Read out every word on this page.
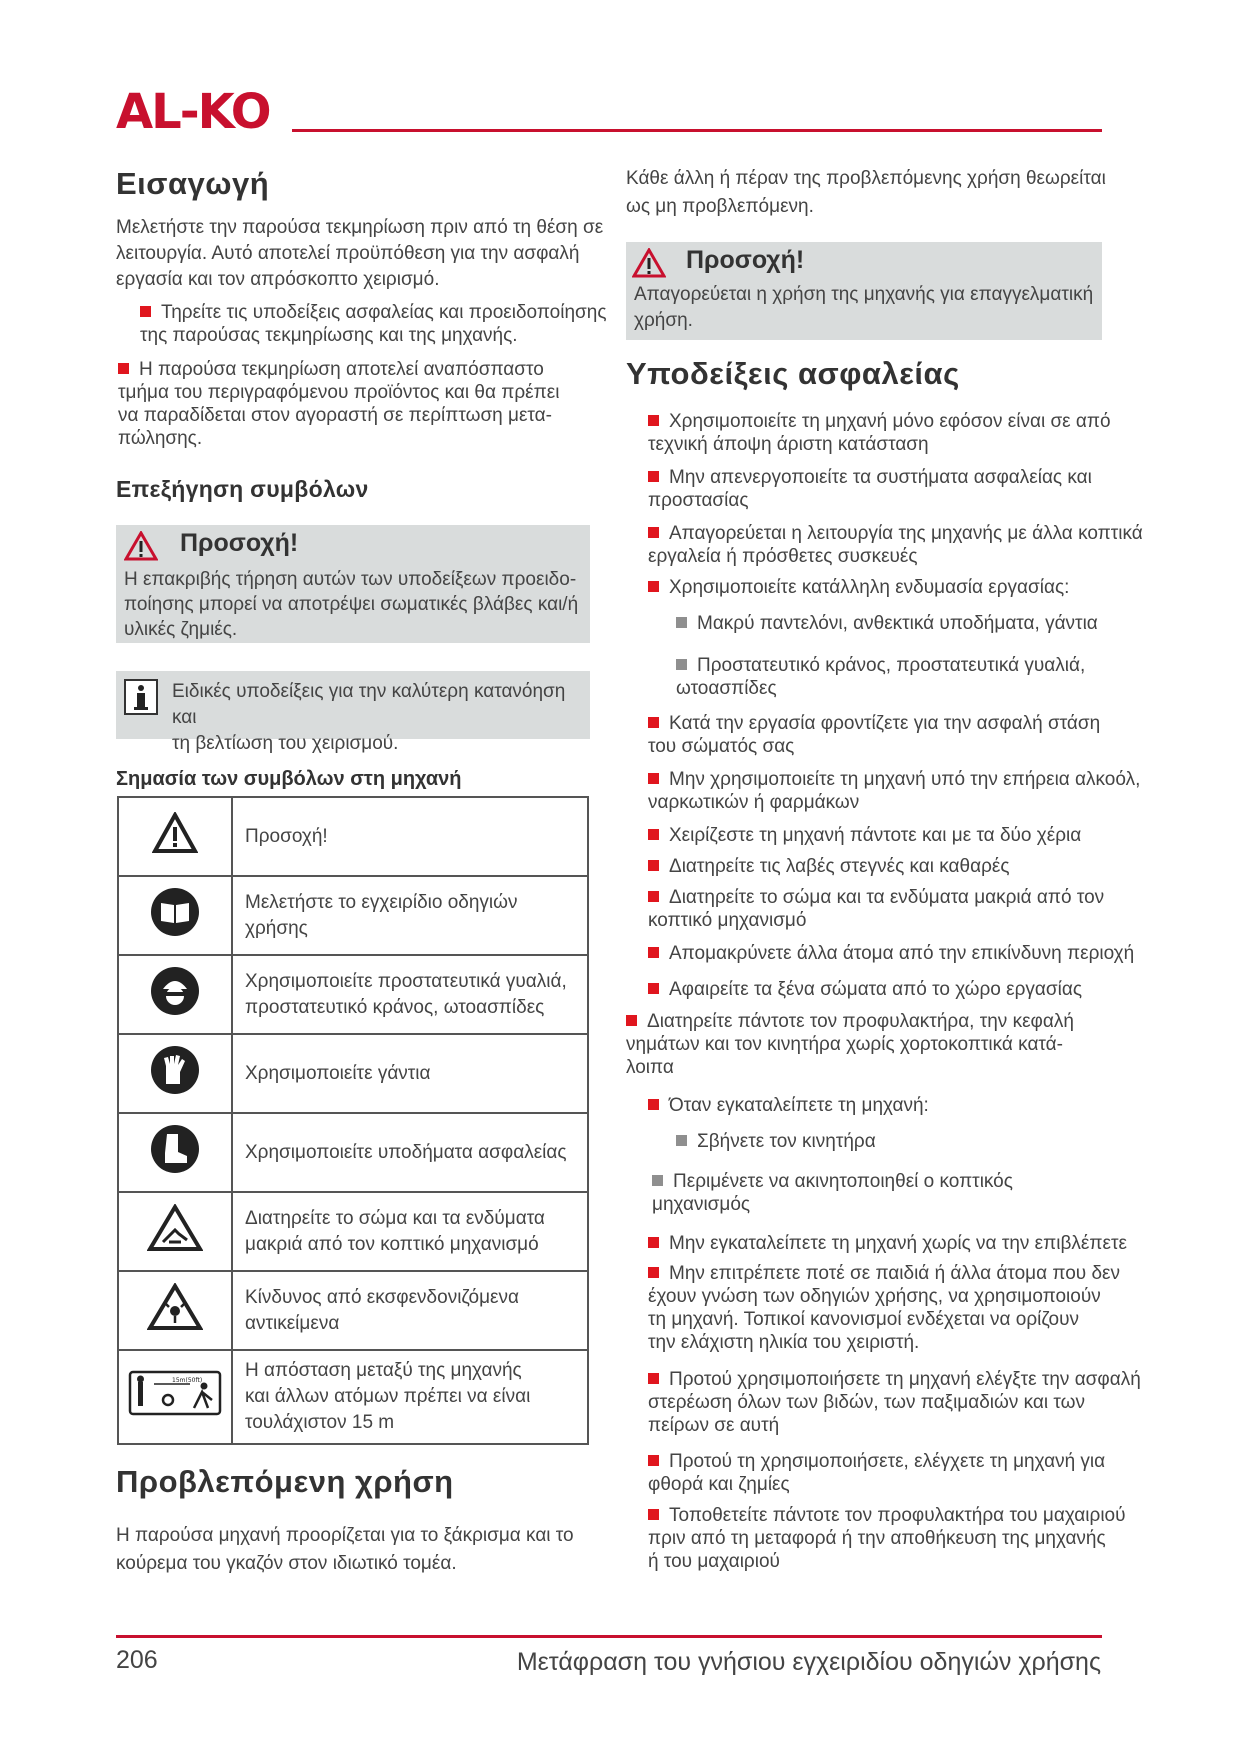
AL-KO
Εισαγωγή
Μελετήστε την παρούσα τεκμηρίωση πριν από τη θέση σε
λειτουργία. Αυτό αποτελεί προϋπόθεση για την ασφαλή
εργασία και τον απρόσκοπτο χειρισμό.
Τηρείτε τις υποδείξεις ασφαλείας και προειδοποίησης
της παρούσας τεκμηρίωσης και της μηχανής.
Η παρούσα τεκμηρίωση αποτελεί αναπόσπαστο
τμήμα του περιγραφόμενου προϊόντος και θα πρέπει
να παραδίδεται στον αγοραστή σε περίπτωση μετα-
πώλησης.
Επεξήγηση συμβόλων
Προσοχή!
Η επακριβής τήρηση αυτών των υποδείξεων προειδο-
ποίησης μπορεί να αποτρέψει σωματικές βλάβες και/ή
υλικές ζημιές.
Ειδικές υποδείξεις για την καλύτερη κατανόηση και
τη βελτίωση του χειρισμού.
Σημασία των συμβόλων στη μηχανή

Προσοχή!

Μελετήστε το εγχειρίδιο οδηγιών
χρήσης

Χρησιμοποιείτε προστατευτικά γυαλιά,
προστατευτικό κράνος, ωτοασπίδες

Χρησιμοποιείτε γάντια

Χρησιμοποιείτε υποδήματα ασφαλείας

Διατηρείτε το σώμα και τα ενδύματα
μακριά από τον κοπτικό μηχανισμό

Κίνδυνος από εκσφενδονιζόμενα
αντικείμενα

15m(50ft)	Η απόσταση μεταξύ της μηχανής
και άλλων ατόμων πρέπει να είναι
τουλάχιστον 15 m
Προβλεπόμενη χρήση
Η παρούσα μηχανή προορίζεται για το ξάκρισμα και το
κούρεμα του γκαζόν στον ιδιωτικό τομέα.
Κάθε άλλη ή πέραν της προβλεπόμενης χρήση θεωρείται
ως μη προβλεπόμενη.
Προσοχή!
Απαγορεύεται η χρήση της μηχανής για επαγγελματική
χρήση.
Υποδείξεις ασφαλείας
Χρησιμοποιείτε τη μηχανή μόνο εφόσον είναι σε από
τεχνική άποψη άριστη κατάσταση
Μην απενεργοποιείτε τα συστήματα ασφαλείας και
προστασίας
Απαγορεύεται η λειτουργία της μηχανής με άλλα κοπτικά
εργαλεία ή πρόσθετες συσκευές
Χρησιμοποιείτε κατάλληλη ενδυμασία εργασίας:
Μακρύ παντελόνι, ανθεκτικά υποδήματα, γάντια
Προστατευτικό κράνος, προστατευτικά γυαλιά,
ωτοασπίδες
Κατά την εργασία φροντίζετε για την ασφαλή στάση
του σώματός σας
Μην χρησιμοποιείτε τη μηχανή υπό την επήρεια αλκοόλ,
ναρκωτικών ή φαρμάκων
Χειρίζεστε τη μηχανή πάντοτε και με τα δύο χέρια
Διατηρείτε τις λαβές στεγνές και καθαρές
Διατηρείτε το σώμα και τα ενδύματα μακριά από τον
κοπτικό μηχανισμό
Απομακρύνετε άλλα άτομα από την επικίνδυνη περιοχή
Αφαιρείτε τα ξένα σώματα από το χώρο εργασίας
Διατηρείτε πάντοτε τον προφυλακτήρα, την κεφαλή
νημάτων και τον κινητήρα χωρίς χορτοκοπτικά κατά-
λοιπα
Όταν εγκαταλείπετε τη μηχανή:
Σβήνετε τον κινητήρα
Περιμένετε να ακινητοποιηθεί ο κοπτικός
μηχανισμός
Μην εγκαταλείπετε τη μηχανή χωρίς να την επιβλέπετε
Μην επιτρέπετε ποτέ σε παιδιά ή άλλα άτομα που δεν
έχουν γνώση των οδηγιών χρήσης, να χρησιμοποιούν
τη μηχανή. Τοπικοί κανονισμοί ενδέχεται να ορίζουν
την ελάχιστη ηλικία του χειριστή.
Προτού χρησιμοποιήσετε τη μηχανή ελέγξτε την ασφαλή
στερέωση όλων των βιδών, των παξιμαδιών και των
πείρων σε αυτή
Προτού τη χρησιμοποιήσετε, ελέγχετε τη μηχανή για
φθορά και ζημίες
Τοποθετείτε πάντοτε τον προφυλακτήρα του μαχαιριού
πριν από τη μεταφορά ή την αποθήκευση της μηχανής
ή του μαχαιριού
206	Μετάφραση του γνήσιου εγχειριδίου οδηγιών χρήσης
